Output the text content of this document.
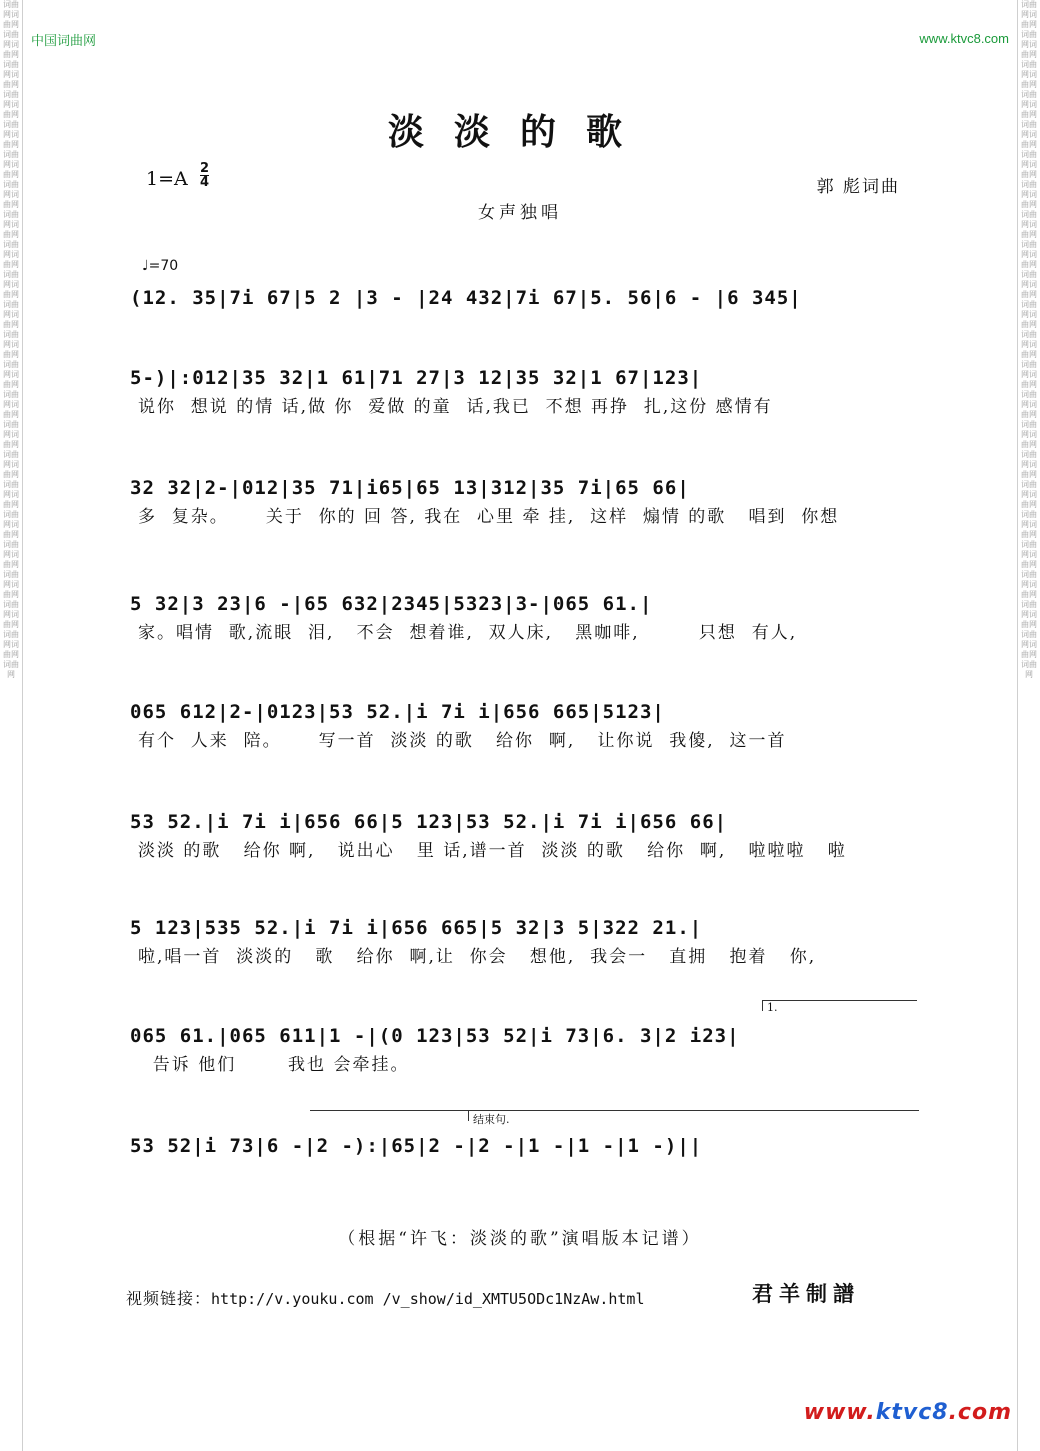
词曲网词曲网词曲网词曲网词曲网词曲网词曲网词曲网词曲网词曲网词曲网词曲网词曲网词曲网词曲网词曲网词曲网词曲网词曲网词曲网词曲网词曲网词曲网词曲网词曲网词曲网词曲网词曲网词曲网词曲网词曲网词曲网词曲网词曲网词曲网词曲网词曲网词曲网词曲网词曲网词曲网词曲网词曲网词曲网词曲网
词曲网词曲网词曲网词曲网词曲网词曲网词曲网词曲网词曲网词曲网词曲网词曲网词曲网词曲网词曲网词曲网词曲网词曲网词曲网词曲网词曲网词曲网词曲网词曲网词曲网词曲网词曲网词曲网词曲网词曲网词曲网词曲网词曲网词曲网词曲网词曲网词曲网词曲网词曲网词曲网词曲网词曲网词曲网词曲网词曲网
中国词曲网	www.ktvc8.com
淡淡的歌
$1=A \frac{2}{4}$	郭 彪词曲
女声独唱
♩=70
(12. 35|7i 67|5 2 |3 - |24 432|7i 67|5. 56|6 - |6 345|
5-)|:012|35 32|1 61|71 27|3 12|35 32|1 67|123|
说你  想说 的情 话,做 你  爱做 的童  话,我已  不想 再挣  扎,这份 感情有
32 32|2-|012|35 71|i65|65 13|312|35 7i|65 66|
多  复杂。     关于  你的 回 答, 我在  心里 牵 挂,  这样  煽情 的歌   唱到  你想
5 32|3 23|6 -|65 632|2345|5323|3-|065 61.|
家。唱情  歌,流眼  泪,   不会  想着谁,  双人床,   黑咖啡,        只想  有人,
065 612|2-|0123|53 52.|i 7i i|656 665|5123|
有个  人来  陪。     写一首  淡淡 的歌   给你  啊,   让你说  我傻,  这一首
53 52.|i 7i i|656 66|5 123|53 52.|i 7i i|656 66|
淡淡 的歌   给你 啊,   说出心   里 话,谱一首  淡淡 的歌   给你  啊,   啦啦啦   啦
5 123|535 52.|i 7i i|656 665|5 32|3 5|322 21.|
啦,唱一首  淡淡的   歌   给你  啊,让  你会   想他,  我会一   直拥   抱着   你,
1.
065 61.|065 611|1 -|(0 123|53 52|i 73|6. 3|2 i23|
告诉 他们       我也 会牵挂。
结束句.
53 52|i 73|6 -|2 -):|65|2 -|2 -|1 -|1 -|1 -)||
（根据“许飞：淡淡的歌”演唱版本记谱）
视频链接：http://v.youku.com /v_show/id_XMTU5ODc1NzAw.html	君羊制譜
www.ktvc8.com
